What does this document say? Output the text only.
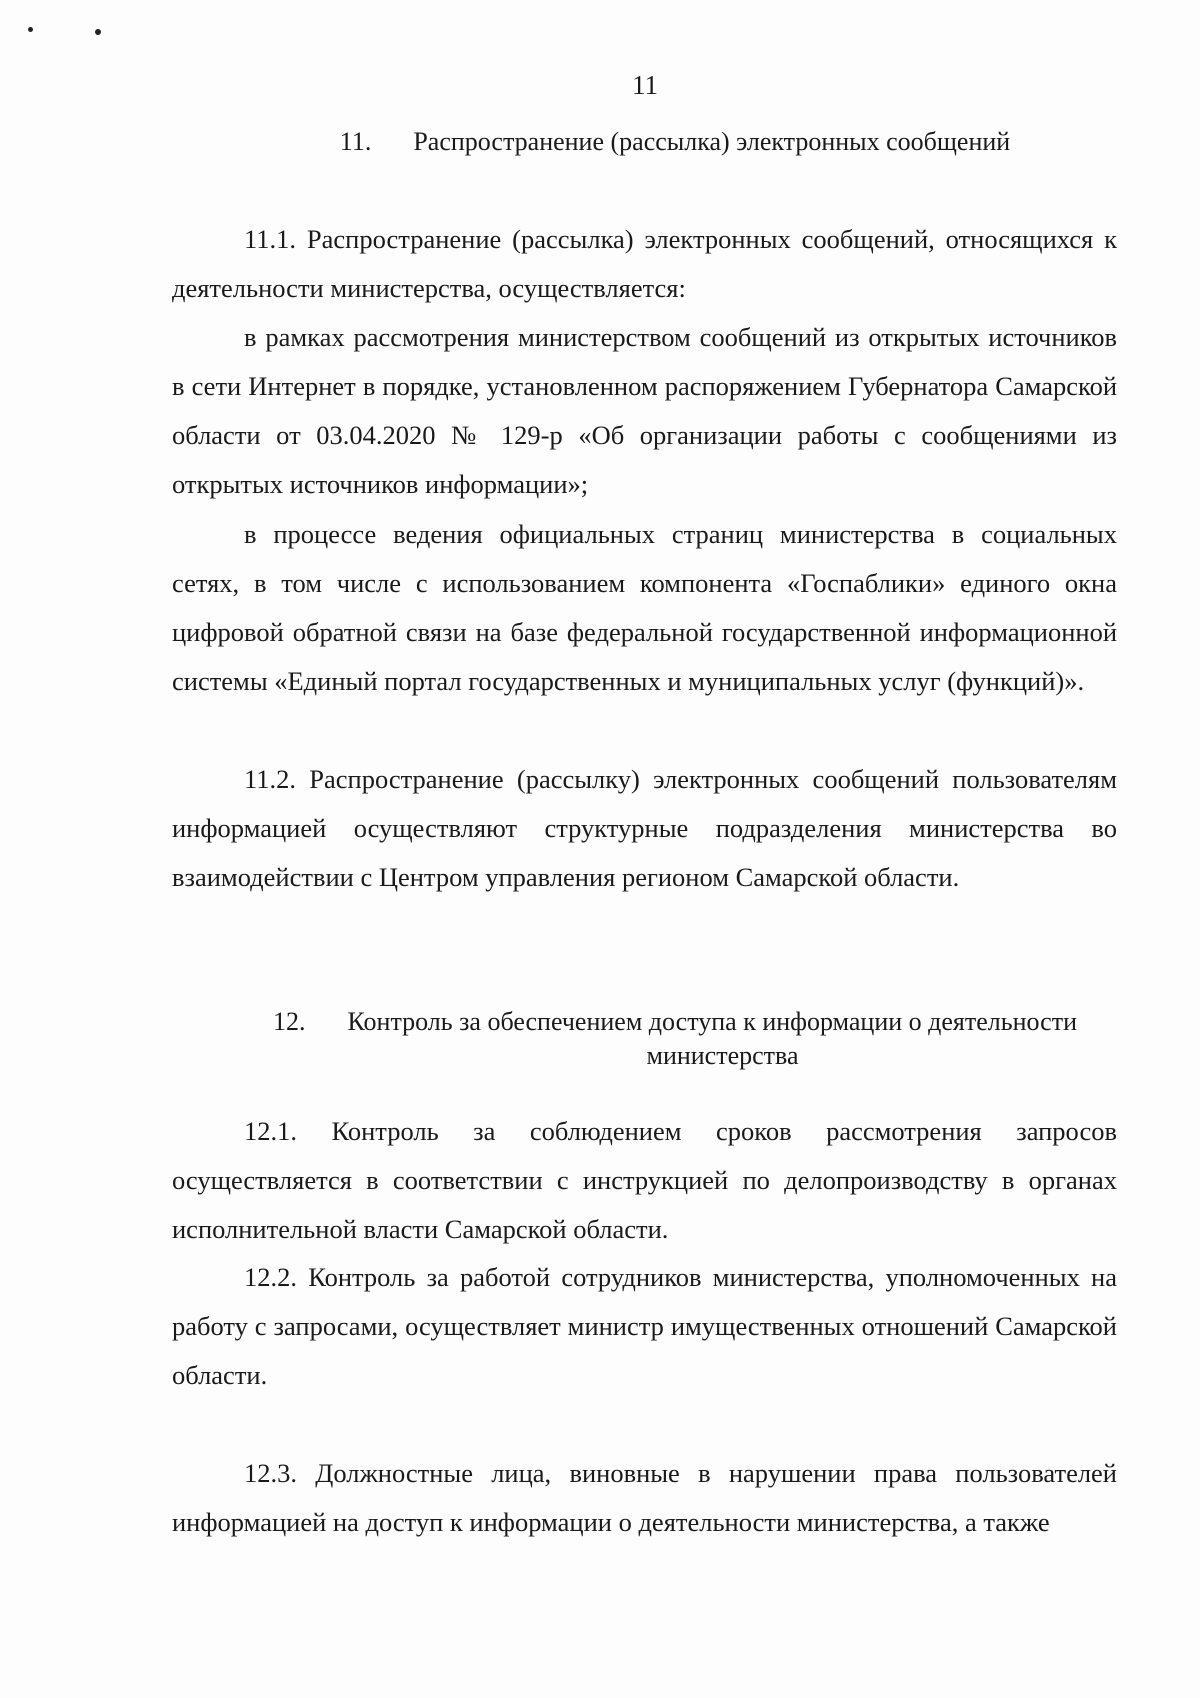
11
11. Распространение (рассылка) электронных сообщений

11.1. Распространение (рассылка) электронных сообщений, относящихся к деятельности министерства, осуществляется:

в рамках рассмотрения министерством сообщений из открытых источников в сети Интернет в порядке, установленном распоряжением Губернатора Самарской области от 03.04.2020 № 129-р «Об организации работы с сообщениями из открытых источников информации»;

в процессе ведения официальных страниц министерства в социальных сетях, в том числе с использованием компонента «Госпаблики» единого окна цифровой обратной связи на базе федеральной государственной информационной системы «Единый портал государственных и муниципальных услуг (функций)».

11.2. Распространение (рассылку) электронных сообщений пользователям информацией осуществляют структурные подразделения министерства во взаимодействии с Центром управления регионом Самарской области.

12. Контроль за обеспечением доступа к информации о деятельности
министерства

12.1. Контроль за соблюдением сроков рассмотрения запросов осуществляется в соответствии с инструкцией по делопроизводству в органах исполнительной власти Самарской области.

12.2. Контроль за работой сотрудников министерства, уполномоченных на работу с запросами, осуществляет министр имущественных отношений Самарской области.

12.3. Должностные лица, виновные в нарушении права пользователей информацией на доступ к информации о деятельности министерства, а также
